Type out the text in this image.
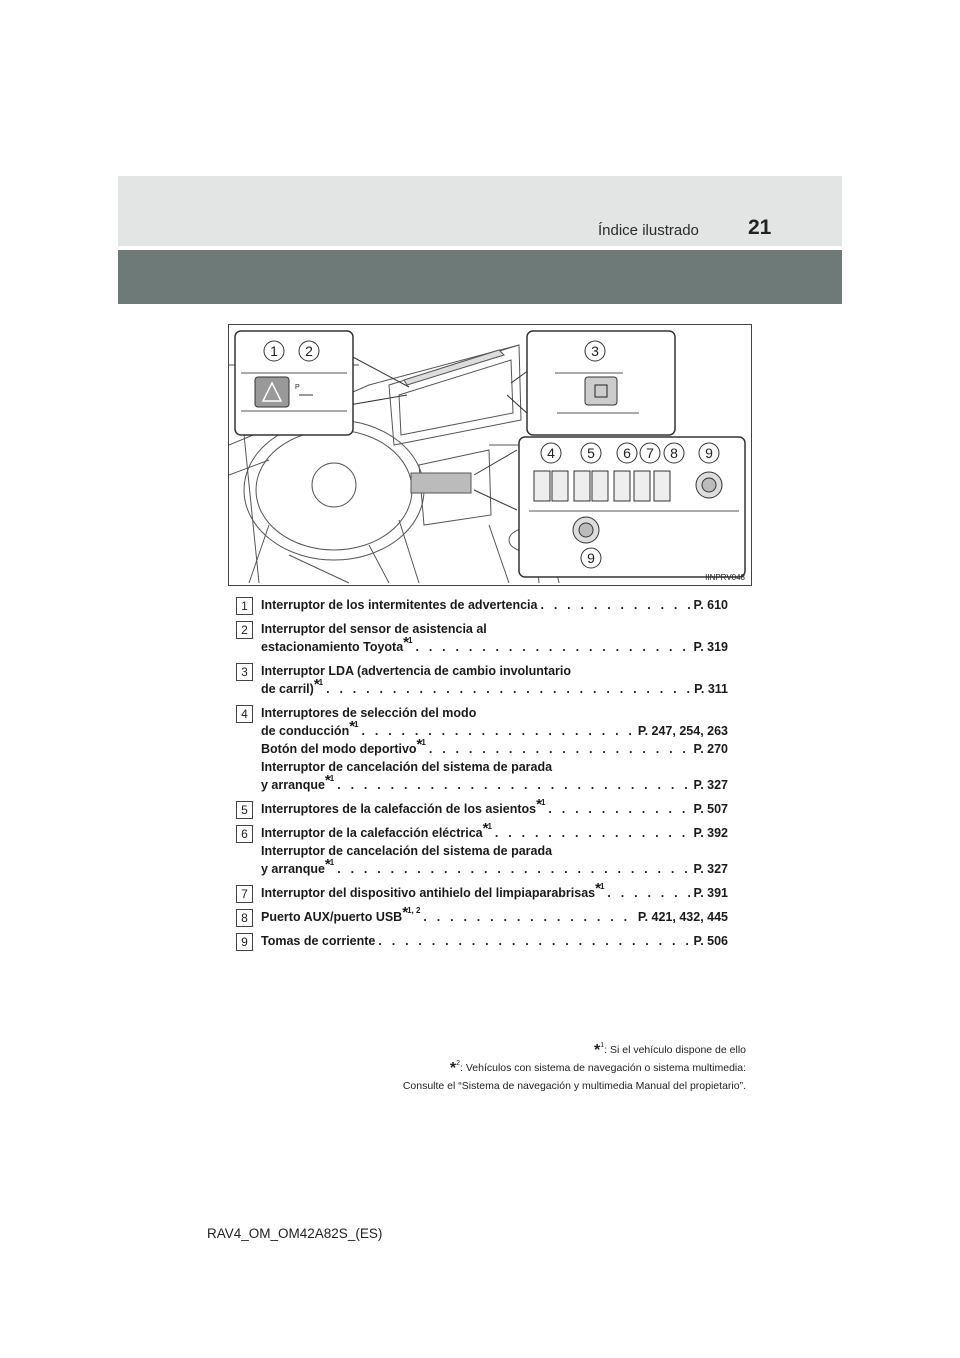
Índice ilustrado 21
P
1 2	3
4 5 6 7 8 9
9
IINPRV048
1	Interruptor de los intermitentes de advertencia . . .	P. 610
2	Interruptor del sensor de asistencia al
estacionamiento Toyota$^{*1}$ . . .	P. 319
3	Interruptor LDA (advertencia de cambio involuntario
de carril)$^{*1}$ . . .	P. 311
4	Interruptores de selección del modo
de conducción$^{*1}$ . . .	P. 247, 254, 263
Botón del modo deportivo$^{*1}$ . . .	P. 270
Interruptor de cancelación del sistema de parada
y arranque$^{*1}$ . . .	P. 327
5	Interruptores de la calefacción de los asientos$^{*1}$ . . .	P. 507
6	Interruptor de la calefacción eléctrica$^{*1}$ . . .	P. 392
Interruptor de cancelación del sistema de parada
y arranque$^{*1}$ . . .	P. 327
7	Interruptor del dispositivo antihielo del limpiaparabrisas$^{*1}$ . . .	P. 391
8	Puerto AUX/puerto USB$^{*1, 2}$ . . .	P. 421, 432, 445
9	Tomas de corriente . . .	P. 506
*$^1$: Si el vehículo dispone de ello
*$^2$: Vehículos con sistema de navegación o sistema multimedia:
Consulte el “Sistema de navegación y multimedia Manual del propietario”.
RAV4_OM_OM42A82S_(ES)
